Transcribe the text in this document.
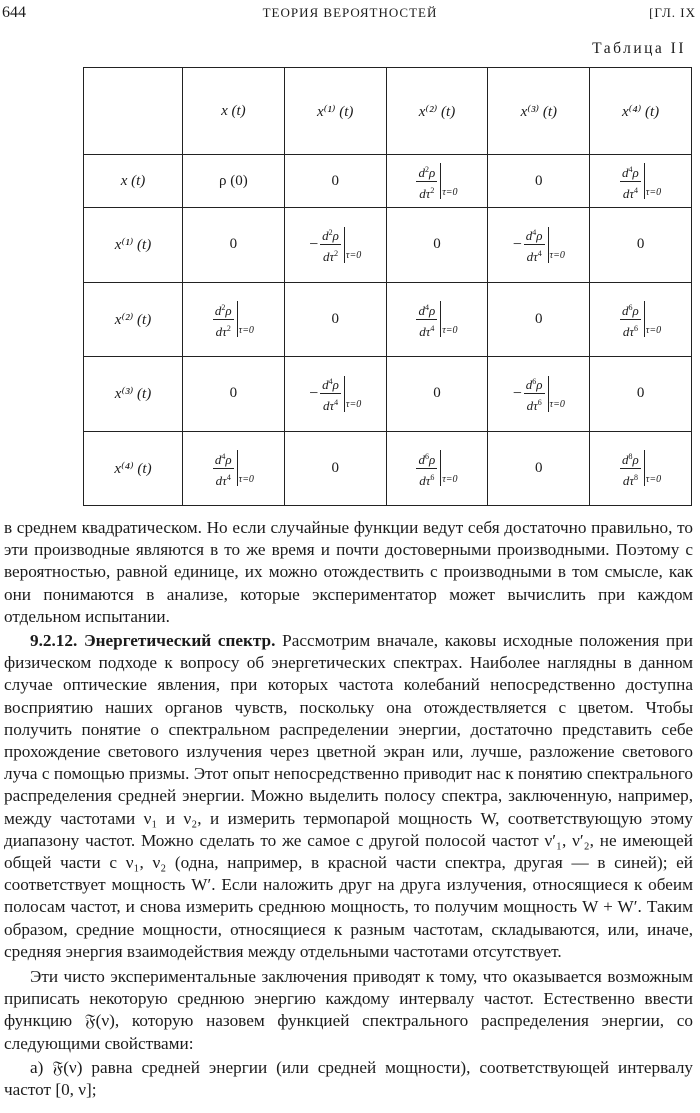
644	ТЕОРИЯ ВЕРОЯТНОСТЕЙ	[ГЛ. IX
Таблица II
	x (t)	x⁽¹⁾ (t)	x⁽²⁾ (t)	x⁽³⁾ (t)	x⁽⁴⁾ (t)
x (t)	ρ (0)	0	$\frac{d^2\rho}{d\tau^2} \tau=0$	0	$\frac{d^4\rho}{d\tau^4} \tau=0$

x⁽¹⁾ (t)	0	− $\frac{d^2\rho}{d\tau^2} \tau=0$	0	− $\frac{d^4\rho}{d\tau^4} \tau=0$	0
x⁽²⁾ (t)	$\frac{d^2\rho}{d\tau^2} \tau=0$	0	$\frac{d^4\rho}{d\tau^4} \tau=0$	0	$\frac{d^6\rho}{d\tau^6} \tau=0$

x⁽³⁾ (t)	0	− $\frac{d^4\rho}{d\tau^4} \tau=0$	0	− $\frac{d^6\rho}{d\tau^6} \tau=0$	0
x⁽⁴⁾ (t)	$\frac{d^4\rho}{d\tau^4} \tau=0$	0	$\frac{d^6\rho}{d\tau^6} \tau=0$	0	$\frac{d^8\rho}{d\tau^8} \tau=0$

в среднем квадратическом. Но если случайные функции ведут себя достаточно правильно, то эти производные являются в то же время и почти достоверными производными. Поэтому с вероятностью, равной единице, их можно отождествить с производными в том смысле, как они понимаются в анализе, которые экспериментатор может вычислить при каждом отдельном испытании.

9.2.12. Энергетический спектр. Рассмотрим вначале, каковы исходные положения при физическом подходе к вопросу об энергетических спектрах. Наиболее наглядны в данном случае оптические явления, при которых частота колебаний непосредственно доступна восприятию наших органов чувств, поскольку она отождествляется с цветом. Чтобы получить понятие о спектральном распределении энергии, достаточно представить себе прохождение светового излучения через цветной экран или, лучше, разложение светового луча с помощью призмы. Этот опыт непосредственно приводит нас к понятию спектрального распределения средней энергии. Можно выделить полосу спектра, заключенную, например, между частотами ν₁ и ν₂, и измерить термопарой мощность W, соответствующую этому диапазону частот. Можно сделать то же самое с другой полосой частот ν′₁, ν′₂, не имеющей общей части с ν₁, ν₂ (одна, например, в красной части спектра, другая — в синей); ей соответствует мощность W′. Если наложить друг на друга излучения, относящиеся к обеим полосам частот, и снова измерить среднюю мощность, то получим мощность W + W′. Таким образом, средние мощности, относящиеся к разным частотам, складываются, или, иначе, средняя энергия взаимодействия между отдельными частотами отсутствует.

Эти чисто экспериментальные заключения приводят к тому, что оказывается возможным приписать некоторую среднюю энергию каждому интервалу частот. Естественно ввести функцию 𝔉(ν), которую назовем функцией спектрального распределения энергии, со следующими свойствами:

а) 𝔉(ν) равна средней энергии (или средней мощности), соответствующей интервалу частот [0, ν];
